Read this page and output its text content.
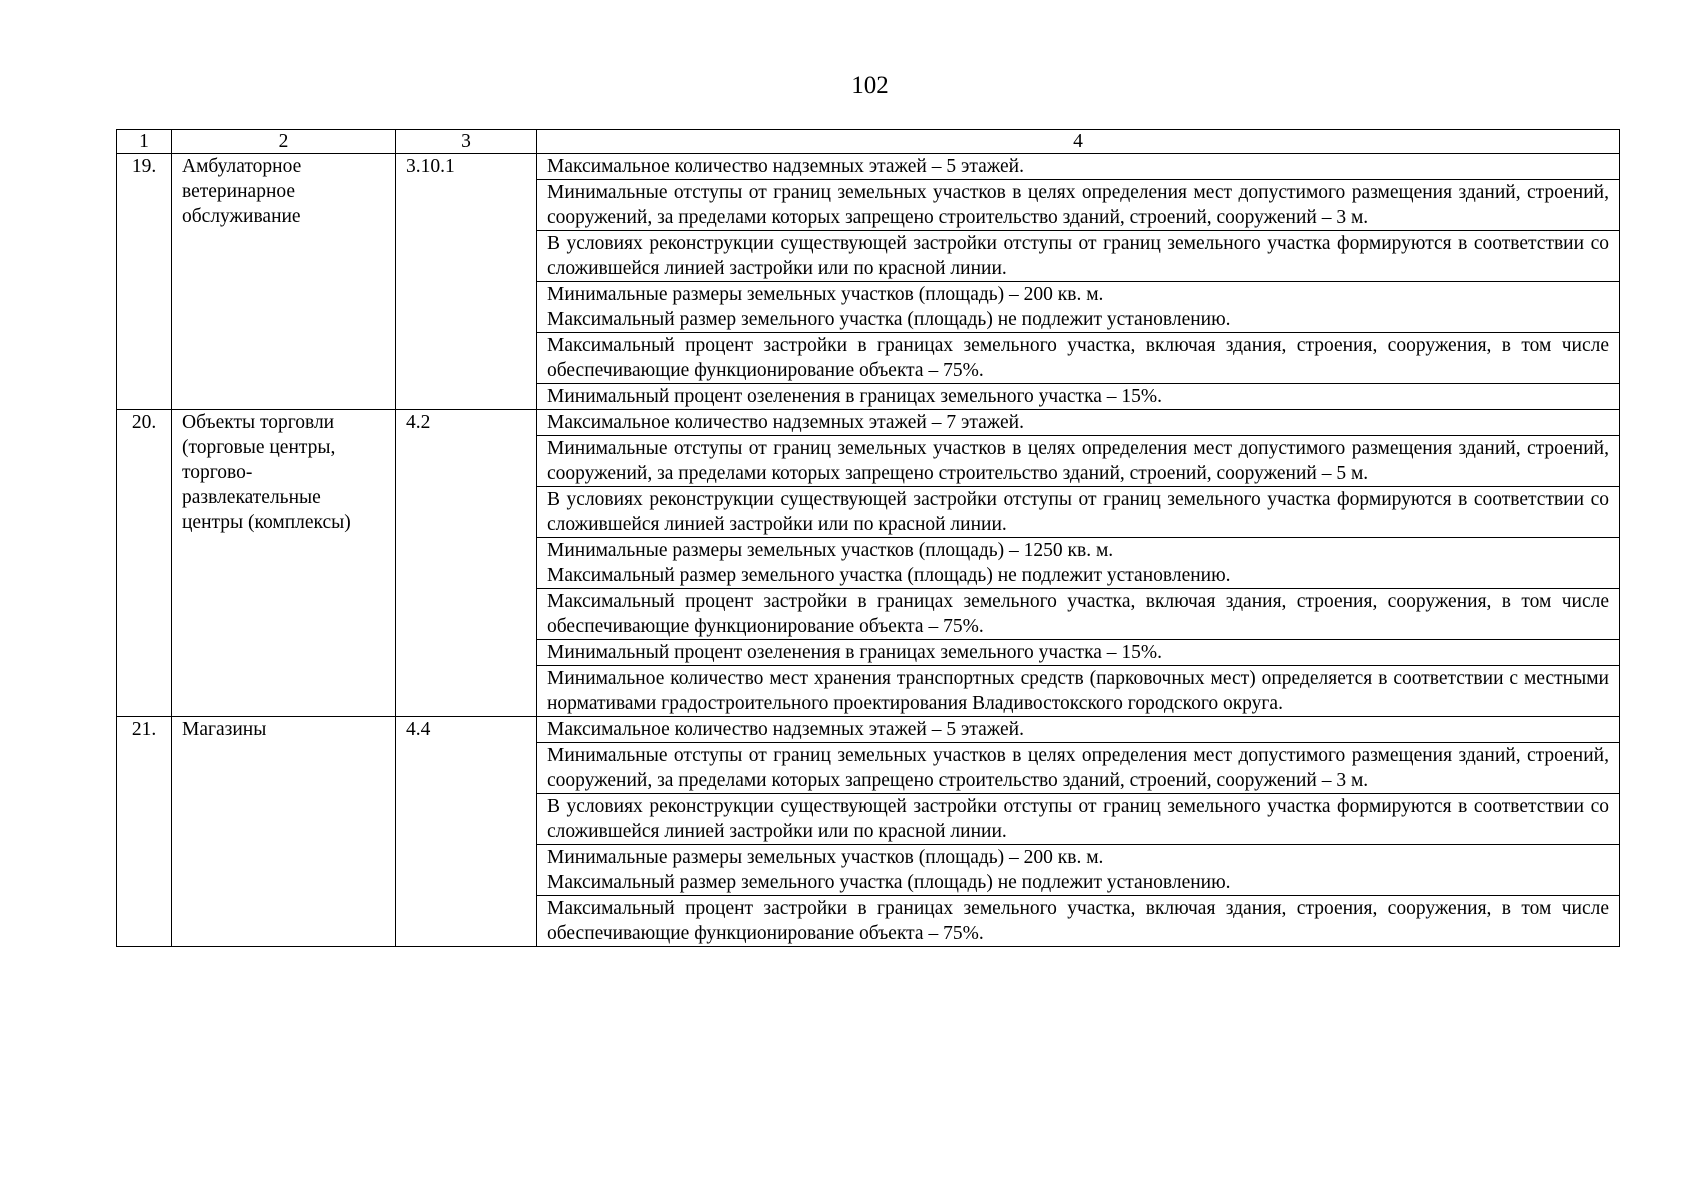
102
1	2	3	4
19.	Амбулаторное ветеринарное обслуживание	3.10.1	Максимальное количество надземных этажей – 5 этажей.
			Минимальные отступы от границ земельных участков в целях определения мест допустимого размещения зданий, строений, сооружений, за пределами которых запрещено строительство зданий, строений, сооружений – 3 м.
			В условиях реконструкции существующей застройки отступы от границ земельного участка формируются в соответствии со сложившейся линией застройки или по красной линии.
			Минимальные размеры земельных участков (площадь) – 200 кв. м.
Максимальный размер земельного участка (площадь) не подлежит установлению.
			Максимальный процент застройки в границах земельного участка, включая здания, строения, сооружения, в том числе обеспечивающие функционирование объекта – 75%.
			Минимальный процент озеленения в границах земельного участка – 15%.
20.	Объекты торговли (торговые центры, торгово-развлекательные центры (комплексы)	4.2	Максимальное количество надземных этажей – 7 этажей.
			Минимальные отступы от границ земельных участков в целях определения мест допустимого размещения зданий, строений, сооружений, за пределами которых запрещено строительство зданий, строений, сооружений – 5 м.
			В условиях реконструкции существующей застройки отступы от границ земельного участка формируются в соответствии со сложившейся линией застройки или по красной линии.
			Минимальные размеры земельных участков (площадь) – 1250 кв. м.
Максимальный размер земельного участка (площадь) не подлежит установлению.
			Максимальный процент застройки в границах земельного участка, включая здания, строения, сооружения, в том числе обеспечивающие функционирование объекта – 75%.
			Минимальный процент озеленения в границах земельного участка – 15%.
			Минимальное количество мест хранения транспортных средств (парковочных мест) определяется в соответствии с местными нормативами градостроительного проектирования Владивостокского городского округа.
21.	Магазины	4.4	Максимальное количество надземных этажей – 5 этажей.
			Минимальные отступы от границ земельных участков в целях определения мест допустимого размещения зданий, строений, сооружений, за пределами которых запрещено строительство зданий, строений, сооружений – 3 м.
			В условиях реконструкции существующей застройки отступы от границ земельного участка формируются в соответствии со сложившейся линией застройки или по красной линии.
			Минимальные размеры земельных участков (площадь) – 200 кв. м.
Максимальный размер земельного участка (площадь) не подлежит установлению.
			Максимальный процент застройки в границах земельного участка, включая здания, строения, сооружения, в том числе обеспечивающие функционирование объекта – 75%.
